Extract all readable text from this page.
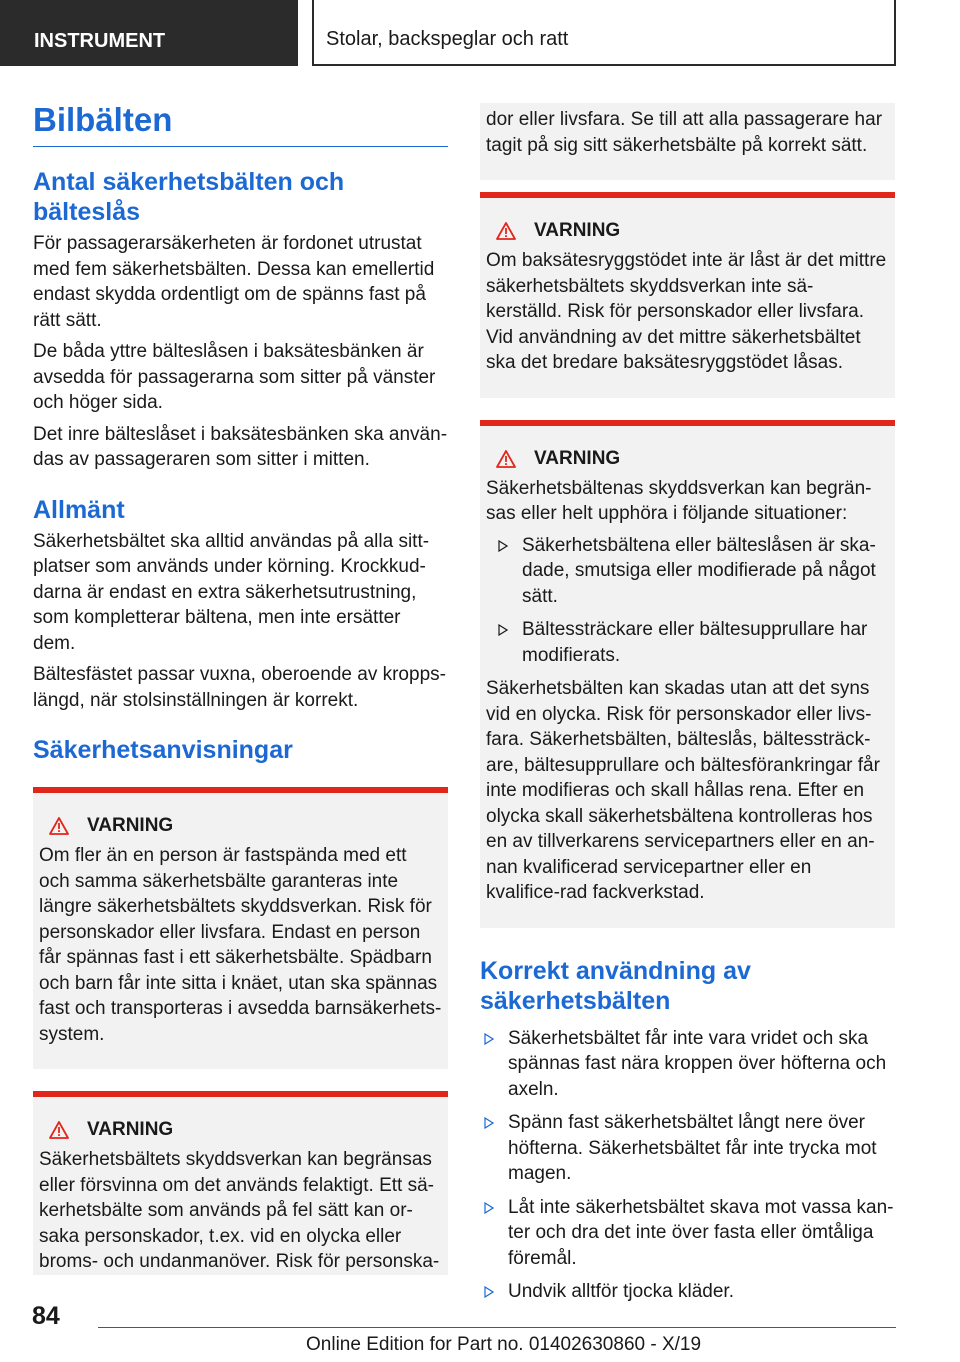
INSTRUMENT	Stolar, backspeglar och ratt
Bilbälten
Antal säkerhetsbälten och bälteslås

För passagerarsäkerheten är fordonet utrustat med fem säkerhetsbälten. Dessa kan emellertid endast skydda ordentligt om de spänns fast på rätt sätt.

De båda yttre bälteslåsen i baksätesbänken är avsedda för passagerarna som sitter på vänster och höger sida.

Det inre bälteslåset i baksätesbänken ska använ-das av passageraren som sitter i mitten.

Allmänt

Säkerhetsbältet ska alltid användas på alla sitt-platser som används under körning. Krockkud-darna är endast en extra säkerhetsutrustning, som kompletterar bältena, men inte ersätter dem.

Bältesfästet passar vuxna, oberoende av kropps-längd, när stolsinställningen är korrekt.

Säkerhetsanvisningar
VARNING

Om fler än en person är fastspända med ett och samma säkerhetsbälte garanteras inte längre säkerhetsbältets skyddsverkan. Risk för personskador eller livsfara. Endast en person får spännas fast i ett säkerhetsbälte. Spädbarn och barn får inte sitta i knäet, utan ska spännas fast och transporteras i avsedda barnsäkerhets-system.

VARNING

Säkerhetsbältets skyddsverkan kan begränsas eller försvinna om det används felaktigt. Ett sä-kerhetsbälte som används på fel sätt kan or-saka personskador, t.ex. vid en olycka eller broms- och undanmanöver. Risk för personska-

dor eller livsfara. Se till att alla passagerare har tagit på sig sitt säkerhetsbälte på korrekt sätt.

VARNING

Om baksätesryggstödet inte är låst är det mittre säkerhetsbältets skyddsverkan inte sä-kerställd. Risk för personskador eller livsfara. Vid användning av det mittre säkerhetsbältet ska det bredare baksätesryggstödet låsas.

VARNING

Säkerhetsbältenas skyddsverkan kan begrän-sas eller helt upphöra i följande situationer:

Säkerhetsbältena eller bälteslåsen är ska-dade, smutsiga eller modifierade på något sätt.
Bältessträckare eller bältesupprullare har modifierats.

Säkerhetsbälten kan skadas utan att det syns vid en olycka. Risk för personskador eller livs-fara. Säkerhetsbälten, bälteslås, bältessträck-are, bältesupprullare och bältesförankringar får inte modifieras och skall hållas rena. Efter en olycka skall säkerhetsbältena kontrolleras hos en av tillverkarens servicepartners eller en an-nan kvalificerad servicepartner eller en kvalifice-rad fackverkstad.

Korrekt användning av säkerhetsbälten
Säkerhetsbältet får inte vara vridet och ska spännas fast nära kroppen över höfterna och axeln.
Spänn fast säkerhetsbältet långt nere över höfterna. Säkerhetsbältet får inte trycka mot magen.
Låt inte säkerhetsbältet skava mot vassa kan-ter och dra det inte över fasta eller ömtåliga föremål.
Undvik alltför tjocka kläder.
84
Online Edition for Part no. 01402630860 - X/19
